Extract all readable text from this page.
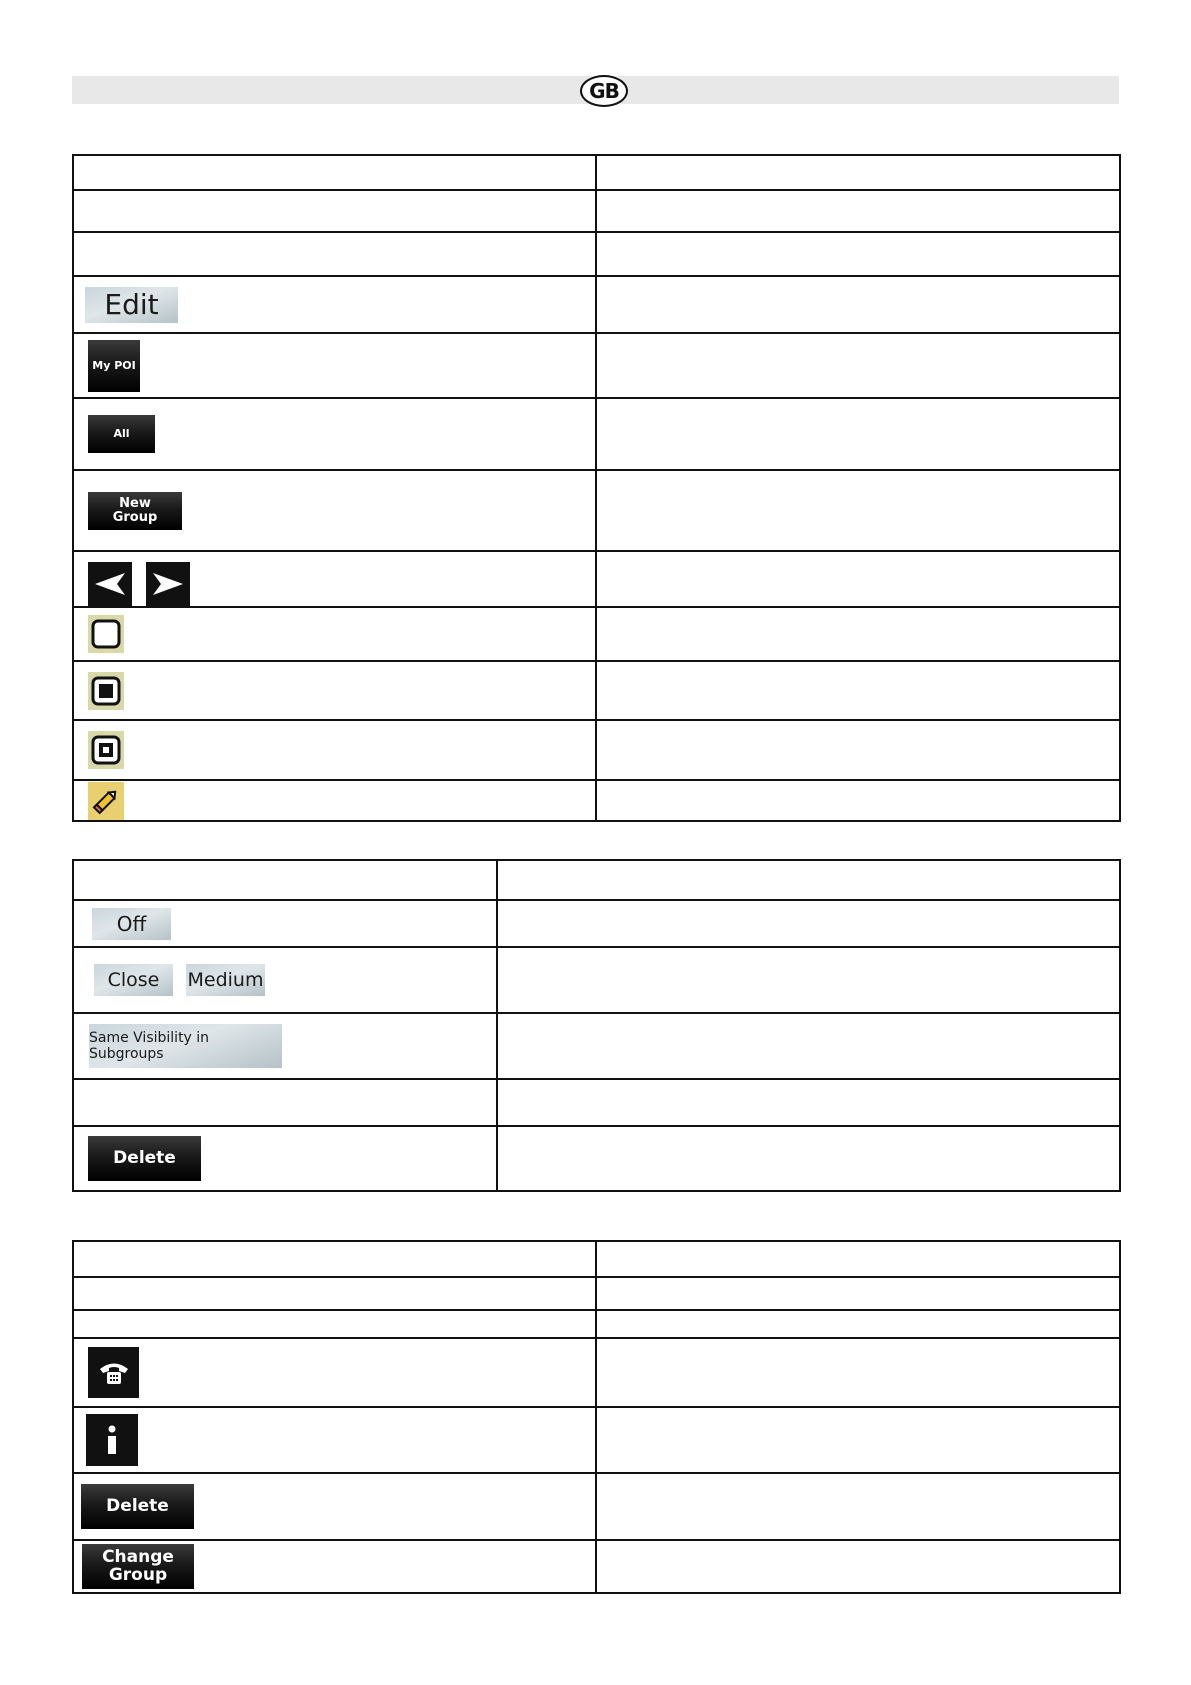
GB

Edit	

My POI	

All	

New
Group	

Off	

Close Medium	

Same Visibility in Subgroups	

Delete	

Delete	

Change
Group	
